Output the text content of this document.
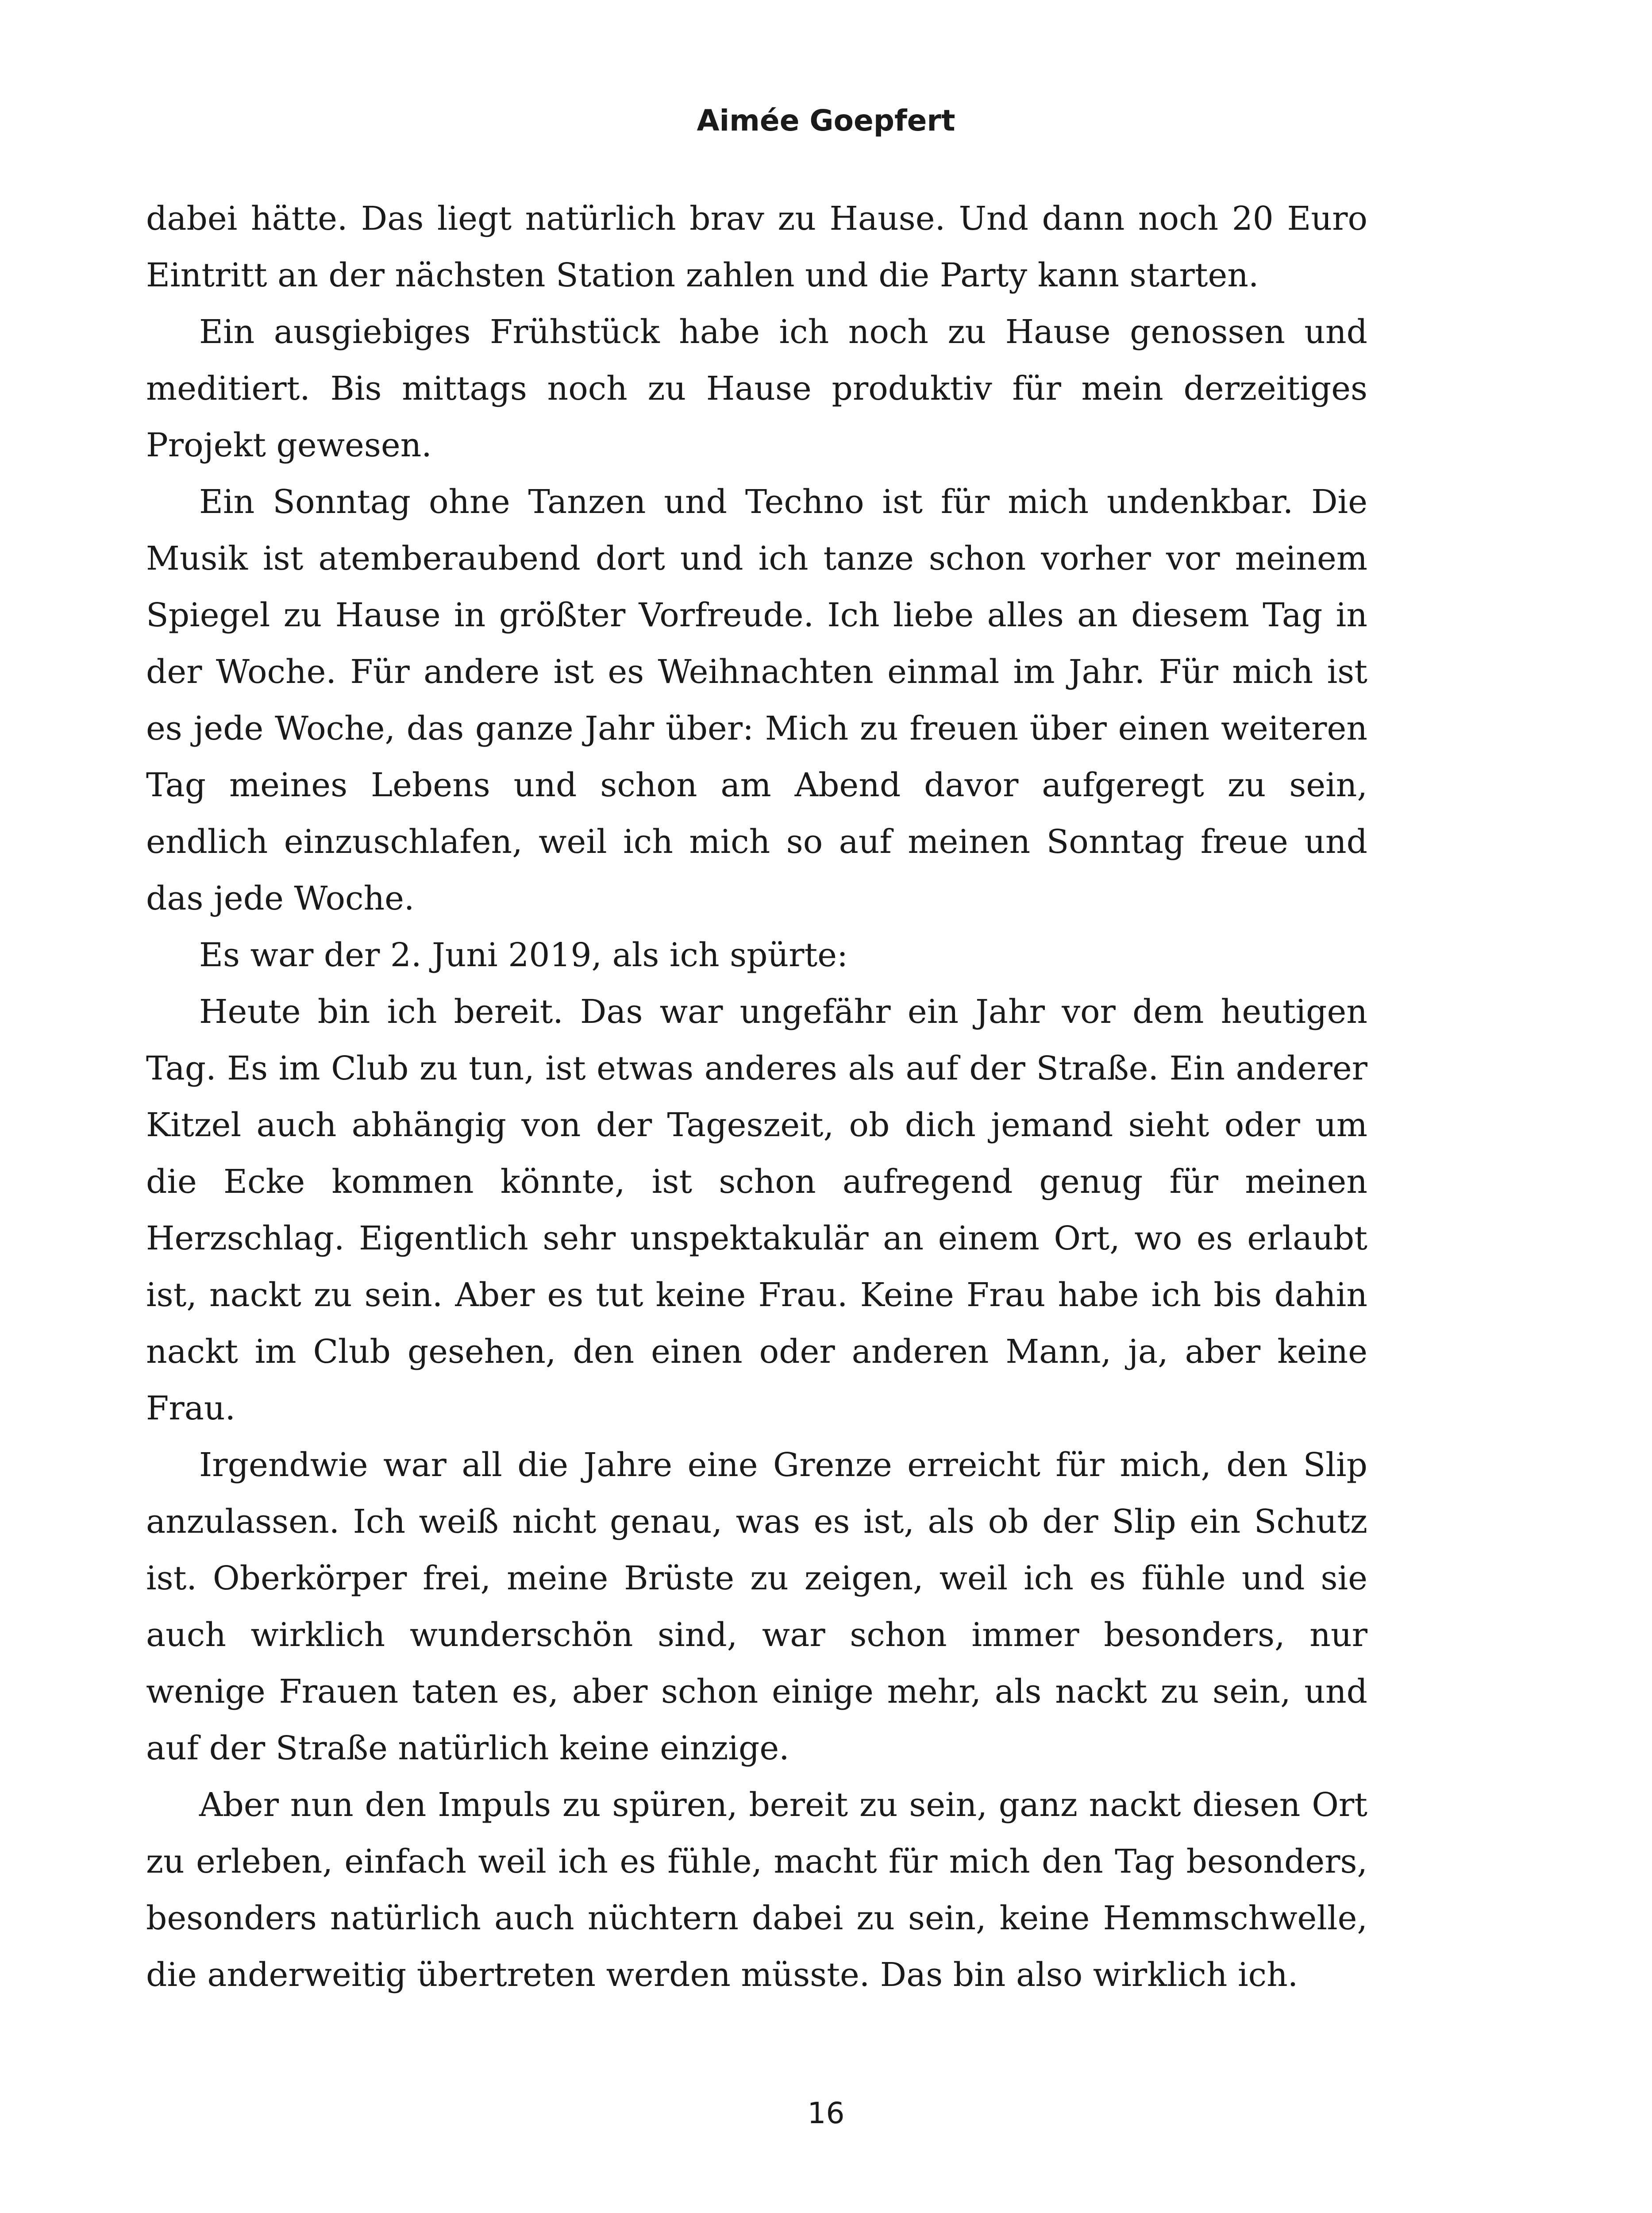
Aimée Goepfert

dabei hätte. Das liegt natürlich brav zu Hause. Und dann noch 20 Euro Eintritt an der nächsten Station zahlen und die Party kann starten.

Ein ausgiebiges Frühstück habe ich noch zu Hause genossen und meditiert. Bis mittags noch zu Hause produktiv für mein derzeitiges Projekt gewesen.

Ein Sonntag ohne Tanzen und Techno ist für mich undenkbar. Die Musik ist atemberaubend dort und ich tanze schon vorher vor meinem Spiegel zu Hause in größter Vorfreude. Ich liebe alles an diesem Tag in der Woche. Für andere ist es Weihnachten einmal im Jahr. Für mich ist es jede Woche, das ganze Jahr über: Mich zu freuen über einen weiteren Tag meines Lebens und schon am Abend davor aufgeregt zu sein, endlich einzuschlafen, weil ich mich so auf meinen Sonntag freue und das jede Woche.

Es war der 2. Juni 2019, als ich spürte:

Heute bin ich bereit. Das war ungefähr ein Jahr vor dem heutigen Tag. Es im Club zu tun, ist etwas anderes als auf der Straße. Ein anderer Kitzel auch abhängig von der Tageszeit, ob dich jemand sieht oder um die Ecke kommen könnte, ist schon aufregend genug für meinen Herzschlag. Eigentlich sehr unspektakulär an einem Ort, wo es erlaubt ist, nackt zu sein. Aber es tut keine Frau. Keine Frau habe ich bis dahin nackt im Club gesehen, den einen oder anderen Mann, ja, aber keine Frau.

Irgendwie war all die Jahre eine Grenze erreicht für mich, den Slip anzulassen. Ich weiß nicht genau, was es ist, als ob der Slip ein Schutz ist. Oberkörper frei, meine Brüste zu zeigen, weil ich es fühle und sie auch wirklich wunderschön sind, war schon immer besonders, nur wenige Frauen taten es, aber schon einige mehr, als nackt zu sein, und auf der Straße natürlich keine einzige.

Aber nun den Impuls zu spüren, bereit zu sein, ganz nackt diesen Ort zu erleben, einfach weil ich es fühle, macht für mich den Tag besonders, besonders natürlich auch nüchtern dabei zu sein, keine Hemmschwelle, die anderweitig übertreten werden müsste. Das bin also wirklich ich.

16
